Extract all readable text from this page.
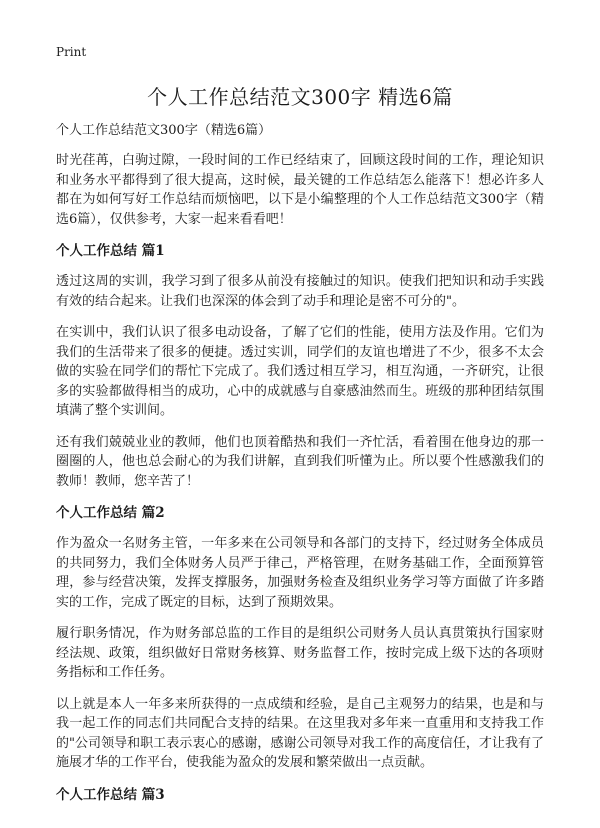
Print
个人工作总结范文300字 精选6篇
个人工作总结范文300字（精选6篇）

时光荏苒，白驹过隙，一段时间的工作已经结束了，回顾这段时间的工作，理论知识和业务水平都得到了很大提高，这时候，最关键的工作总结怎么能落下！想必许多人都在为如何写好工作总结而烦恼吧，以下是小编整理的个人工作总结范文300字（精选6篇），仅供参考，大家一起来看看吧！

个人工作总结 篇1

透过这周的实训，我学习到了很多从前没有接触过的知识。使我们把知识和动手实践有效的结合起来。让我们也深深的体会到了动手和理论是密不可分的"。

在实训中，我们认识了很多电动设备，了解了它们的性能，使用方法及作用。它们为我们的生活带来了很多的便捷。透过实训，同学们的友谊也增进了不少，很多不太会做的实验在同学们的帮忙下完成了。我们透过相互学习，相互沟通，一齐研究，让很多的实验都做得相当的成功，心中的成就感与自豪感油然而生。班级的那种团结氛围填满了整个实训间。

还有我们兢兢业业的教师，他们也顶着酷热和我们一齐忙活，看着围在他身边的那一圈圈的人，他也总会耐心的为我们讲解，直到我们听懂为止。所以要个性感激我们的教师！教师，您辛苦了！

个人工作总结 篇2

作为盈众一名财务主管，一年多来在公司领导和各部门的支持下，经过财务全体成员的共同努力，我们全体财务人员严于律己，严格管理，在财务基础工作，全面预算管理，参与经营决策，发挥支撑服务，加强财务检查及组织业务学习等方面做了许多踏实的工作，完成了既定的目标，达到了预期效果。

履行职务情况，作为财务部总监的工作目的是组织公司财务人员认真贯策执行国家财经法规、政策，组织做好日常财务核算、财务监督工作，按时完成上级下达的各项财务指标和工作任务。

以上就是本人一年多来所获得的一点成绩和经验，是自己主观努力的结果，也是和与我一起工作的同志们共同配合支持的结果。在这里我对多年来一直重用和支持我工作的"公司领导和职工表示衷心的感谢，感谢公司领导对我工作的高度信任，才让我有了施展才华的工作平台，使我能为盈众的发展和繁荣做出一点贡献。

个人工作总结 篇3
